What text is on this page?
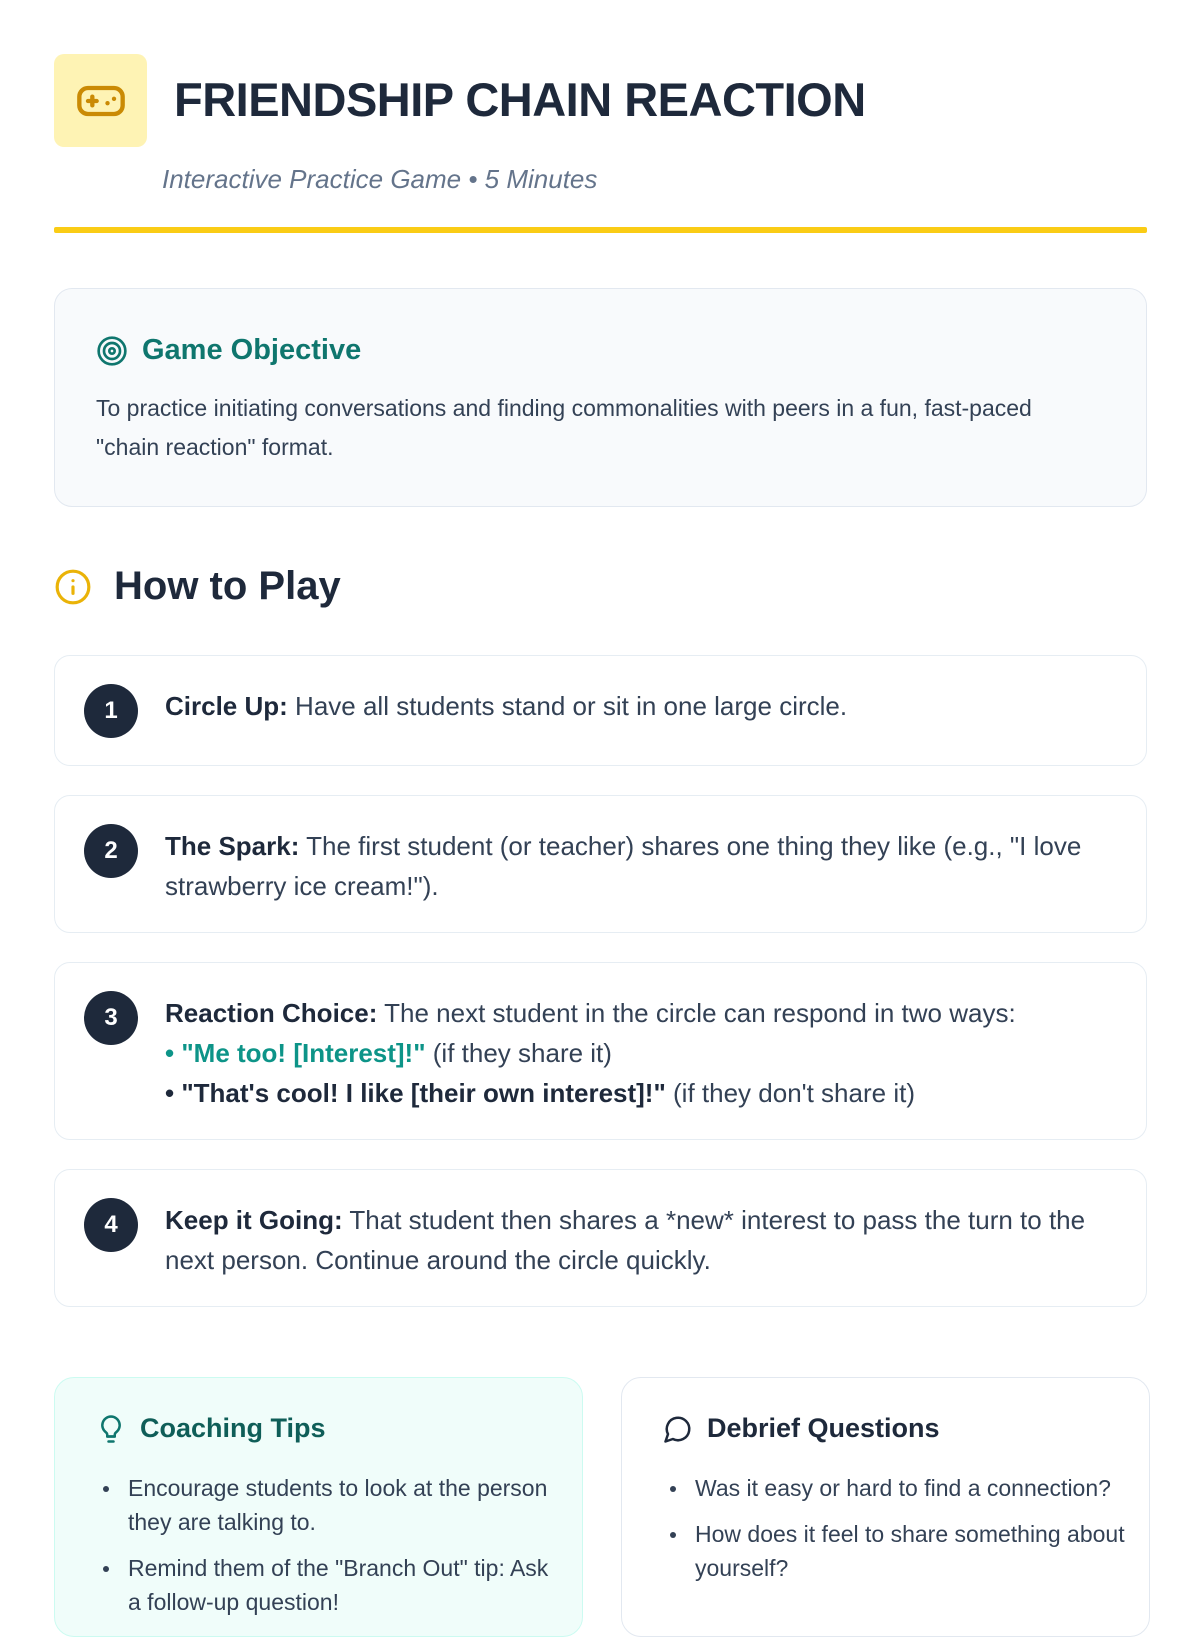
FRIENDSHIP CHAIN REACTION
Interactive Practice Game • 5 Minutes
Game Objective

To practice initiating conversations and finding commonalities with peers in a fun, fast-paced "chain reaction" format.

How to Play
1	Circle Up: Have all students stand or sit in one large circle.

2	The Spark: The first student (or teacher) shares one thing they like (e.g., "I love strawberry ice cream!").

3	Reaction Choice: The next student in the circle can respond in two ways:
• "Me too! [Interest]!" (if they share it)
• "That's cool! I like [their own interest]!" (if they don't share it)
4	Keep it Going: That student then shares a *new* interest to pass the turn to the next person. Continue around the circle quickly.

Coaching Tips
Encourage students to look at the person they are talking to.
Remind them of the "Branch Out" tip: Ask a follow-up question!
Debrief Questions
Was it easy or hard to find a connection?
How does it feel to share something about yourself?
